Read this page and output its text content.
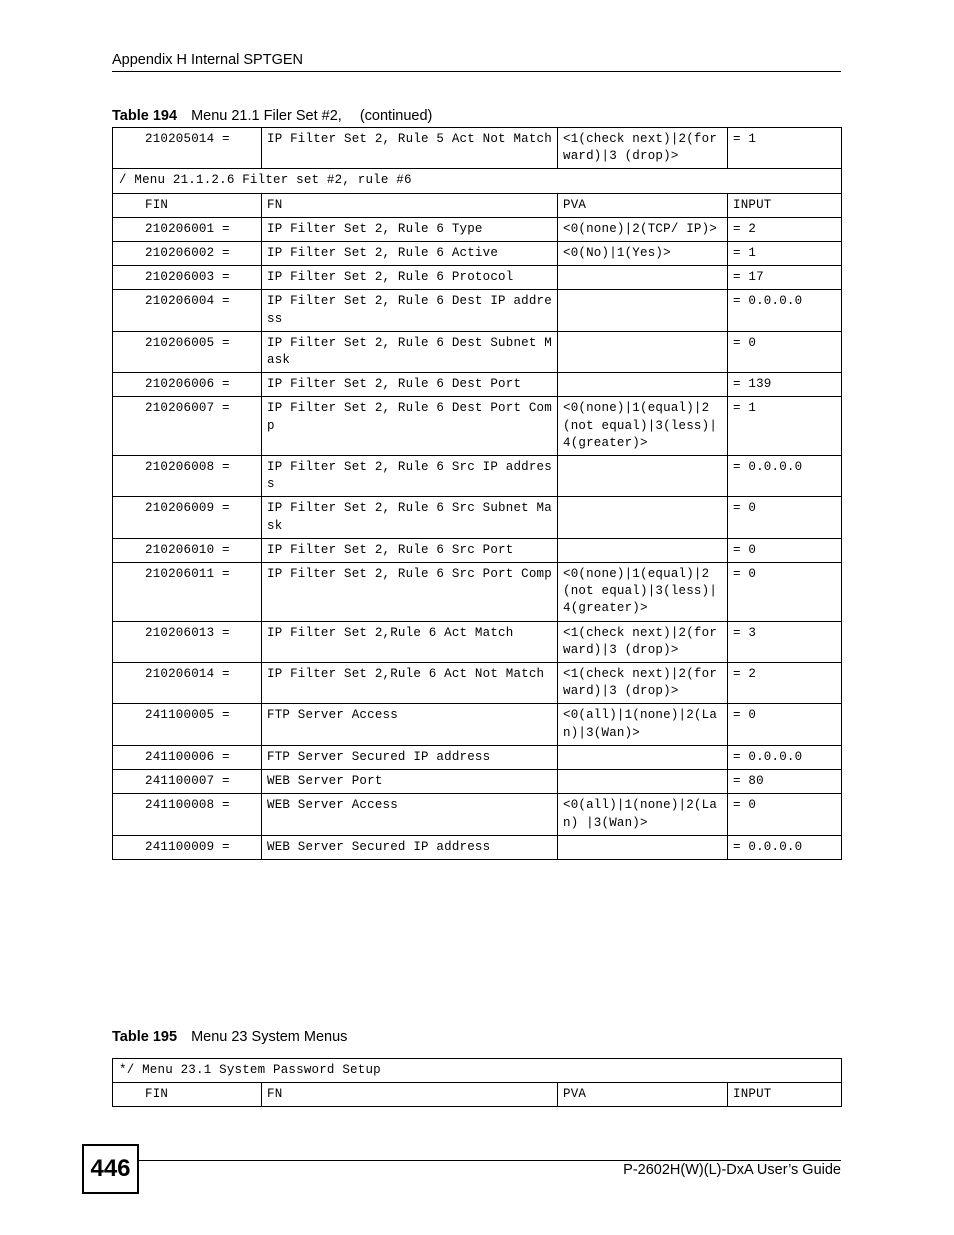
Appendix H Internal SPTGEN
Table 194 Menu 21.1 Filer Set #2, (continued)
210205014 =	IP Filter Set 2, Rule 5 Act Not Match	<1(check next)|2(forward)|3 (drop)>	= 1
/ Menu 21.1.2.6 Filter set #2, rule #6			
FIN	FN	PVA	INPUT
210206001 =	IP Filter Set 2, Rule 6 Type	<0(none)|2(TCP/ IP)>	= 2
210206002 =	IP Filter Set 2, Rule 6 Active	<0(No)|1(Yes)>	= 1
210206003 =	IP Filter Set 2, Rule 6 Protocol		= 17
210206004 =	IP Filter Set 2, Rule 6 Dest IP address		= 0.0.0.0
210206005 =	IP Filter Set 2, Rule 6 Dest Subnet Mask		= 0
210206006 =	IP Filter Set 2, Rule 6 Dest Port		= 139
210206007 =	IP Filter Set 2, Rule 6 Dest Port Comp	<0(none)|1(equal)|2(not equal)|3(less)|4(greater)>	= 1
210206008 =	IP Filter Set 2, Rule 6 Src IP address		= 0.0.0.0
210206009 =	IP Filter Set 2, Rule 6 Src Subnet Mask		= 0
210206010 =	IP Filter Set 2, Rule 6 Src Port		= 0
210206011 =	IP Filter Set 2, Rule 6 Src Port Comp	<0(none)|1(equal)|2(not equal)|3(less)|4(greater)>	= 0
210206013 =	IP Filter Set 2,Rule 6 Act Match	<1(check next)|2(forward)|3 (drop)>	= 3
210206014 =	IP Filter Set 2,Rule 6 Act Not Match	<1(check next)|2(forward)|3 (drop)>	= 2
241100005 =	FTP Server Access	<0(all)|1(none)|2(Lan)|3(Wan)>	= 0
241100006 =	FTP Server Secured IP address		= 0.0.0.0
241100007 =	WEB Server Port		= 80
241100008 =	WEB Server Access	<0(all)|1(none)|2(Lan) |3(Wan)>	= 0
241100009 =	WEB Server Secured IP address		= 0.0.0.0
Table 195 Menu 23 System Menus
*/ Menu 23.1 System Password Setup
FIN	FN	PVA	INPUT
446	P-2602H(W)(L)-DxA User’s Guide
